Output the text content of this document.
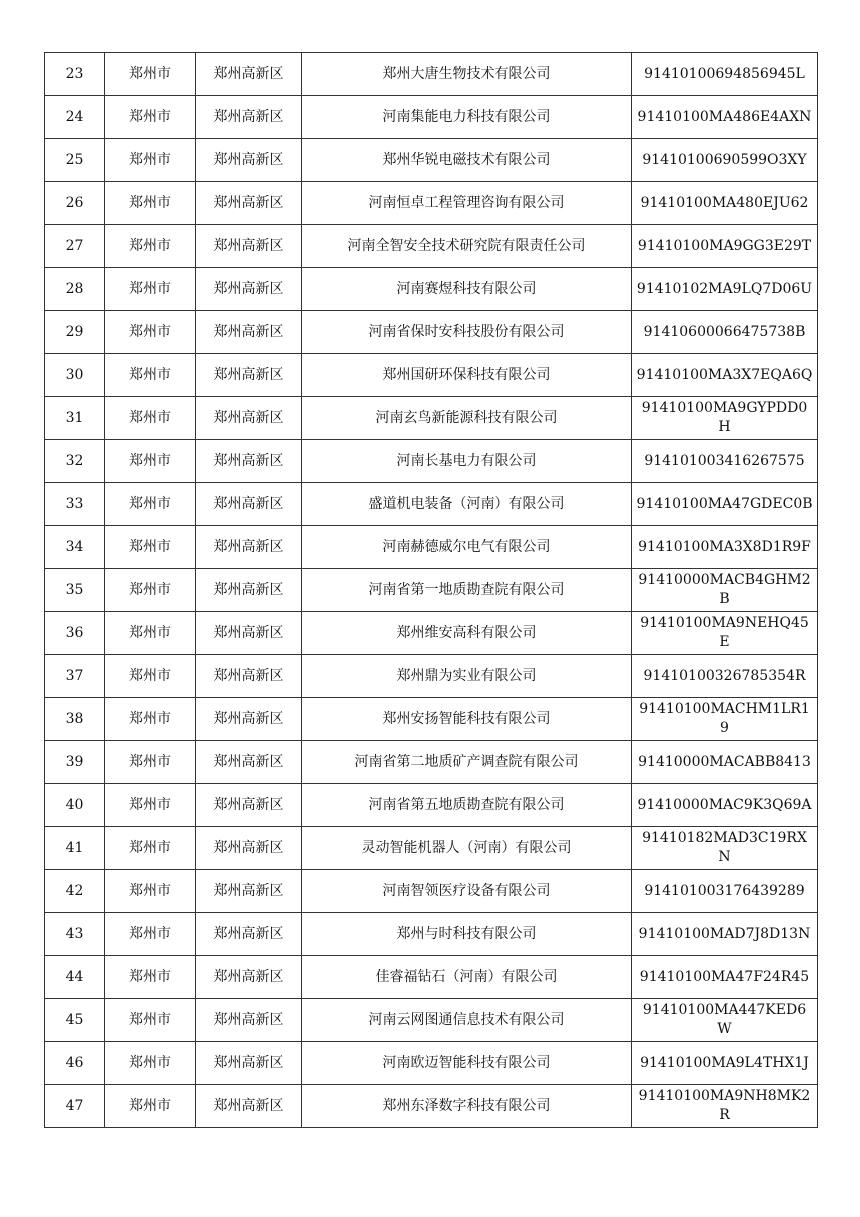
23	郑州市	郑州高新区	郑州大唐生物技术有限公司	91410100694856945L
24	郑州市	郑州高新区	河南集能电力科技有限公司	91410100MA486E4AXN
25	郑州市	郑州高新区	郑州华锐电磁技术有限公司	91410100690599O3XY
26	郑州市	郑州高新区	河南恒卓工程管理咨询有限公司	91410100MA480EJU62
27	郑州市	郑州高新区	河南全智安全技术研究院有限责任公司	91410100MA9GG3E29T
28	郑州市	郑州高新区	河南赛煜科技有限公司	91410102MA9LQ7D06U
29	郑州市	郑州高新区	河南省保时安科技股份有限公司	91410600066475738B
30	郑州市	郑州高新区	郑州国研环保科技有限公司	91410100MA3X7EQA6Q
31	郑州市	郑州高新区	河南玄鸟新能源科技有限公司	91410100MA9GYPDD0H
32	郑州市	郑州高新区	河南长基电力有限公司	914101003416267575
33	郑州市	郑州高新区	盛道机电装备（河南）有限公司	91410100MA47GDEC0B
34	郑州市	郑州高新区	河南赫德威尔电气有限公司	91410100MA3X8D1R9F
35	郑州市	郑州高新区	河南省第一地质勘查院有限公司	91410000MACB4GHM2B
36	郑州市	郑州高新区	郑州维安高科有限公司	91410100MA9NEHQ45E
37	郑州市	郑州高新区	郑州鼎为实业有限公司	91410100326785354R
38	郑州市	郑州高新区	郑州安扬智能科技有限公司	91410100MACHM1LR19
39	郑州市	郑州高新区	河南省第二地质矿产调查院有限公司	91410000MACABB8413
40	郑州市	郑州高新区	河南省第五地质勘查院有限公司	91410000MAC9K3Q69A
41	郑州市	郑州高新区	灵动智能机器人（河南）有限公司	91410182MAD3C19RXN
42	郑州市	郑州高新区	河南智领医疗设备有限公司	914101003176439289
43	郑州市	郑州高新区	郑州与时科技有限公司	91410100MAD7J8D13N
44	郑州市	郑州高新区	佳睿福钻石（河南）有限公司	91410100MA47F24R45
45	郑州市	郑州高新区	河南云网图通信息技术有限公司	91410100MA447KED6W
46	郑州市	郑州高新区	河南欧迈智能科技有限公司	91410100MA9L4THX1J
47	郑州市	郑州高新区	郑州东泽数字科技有限公司	91410100MA9NH8MK2R
